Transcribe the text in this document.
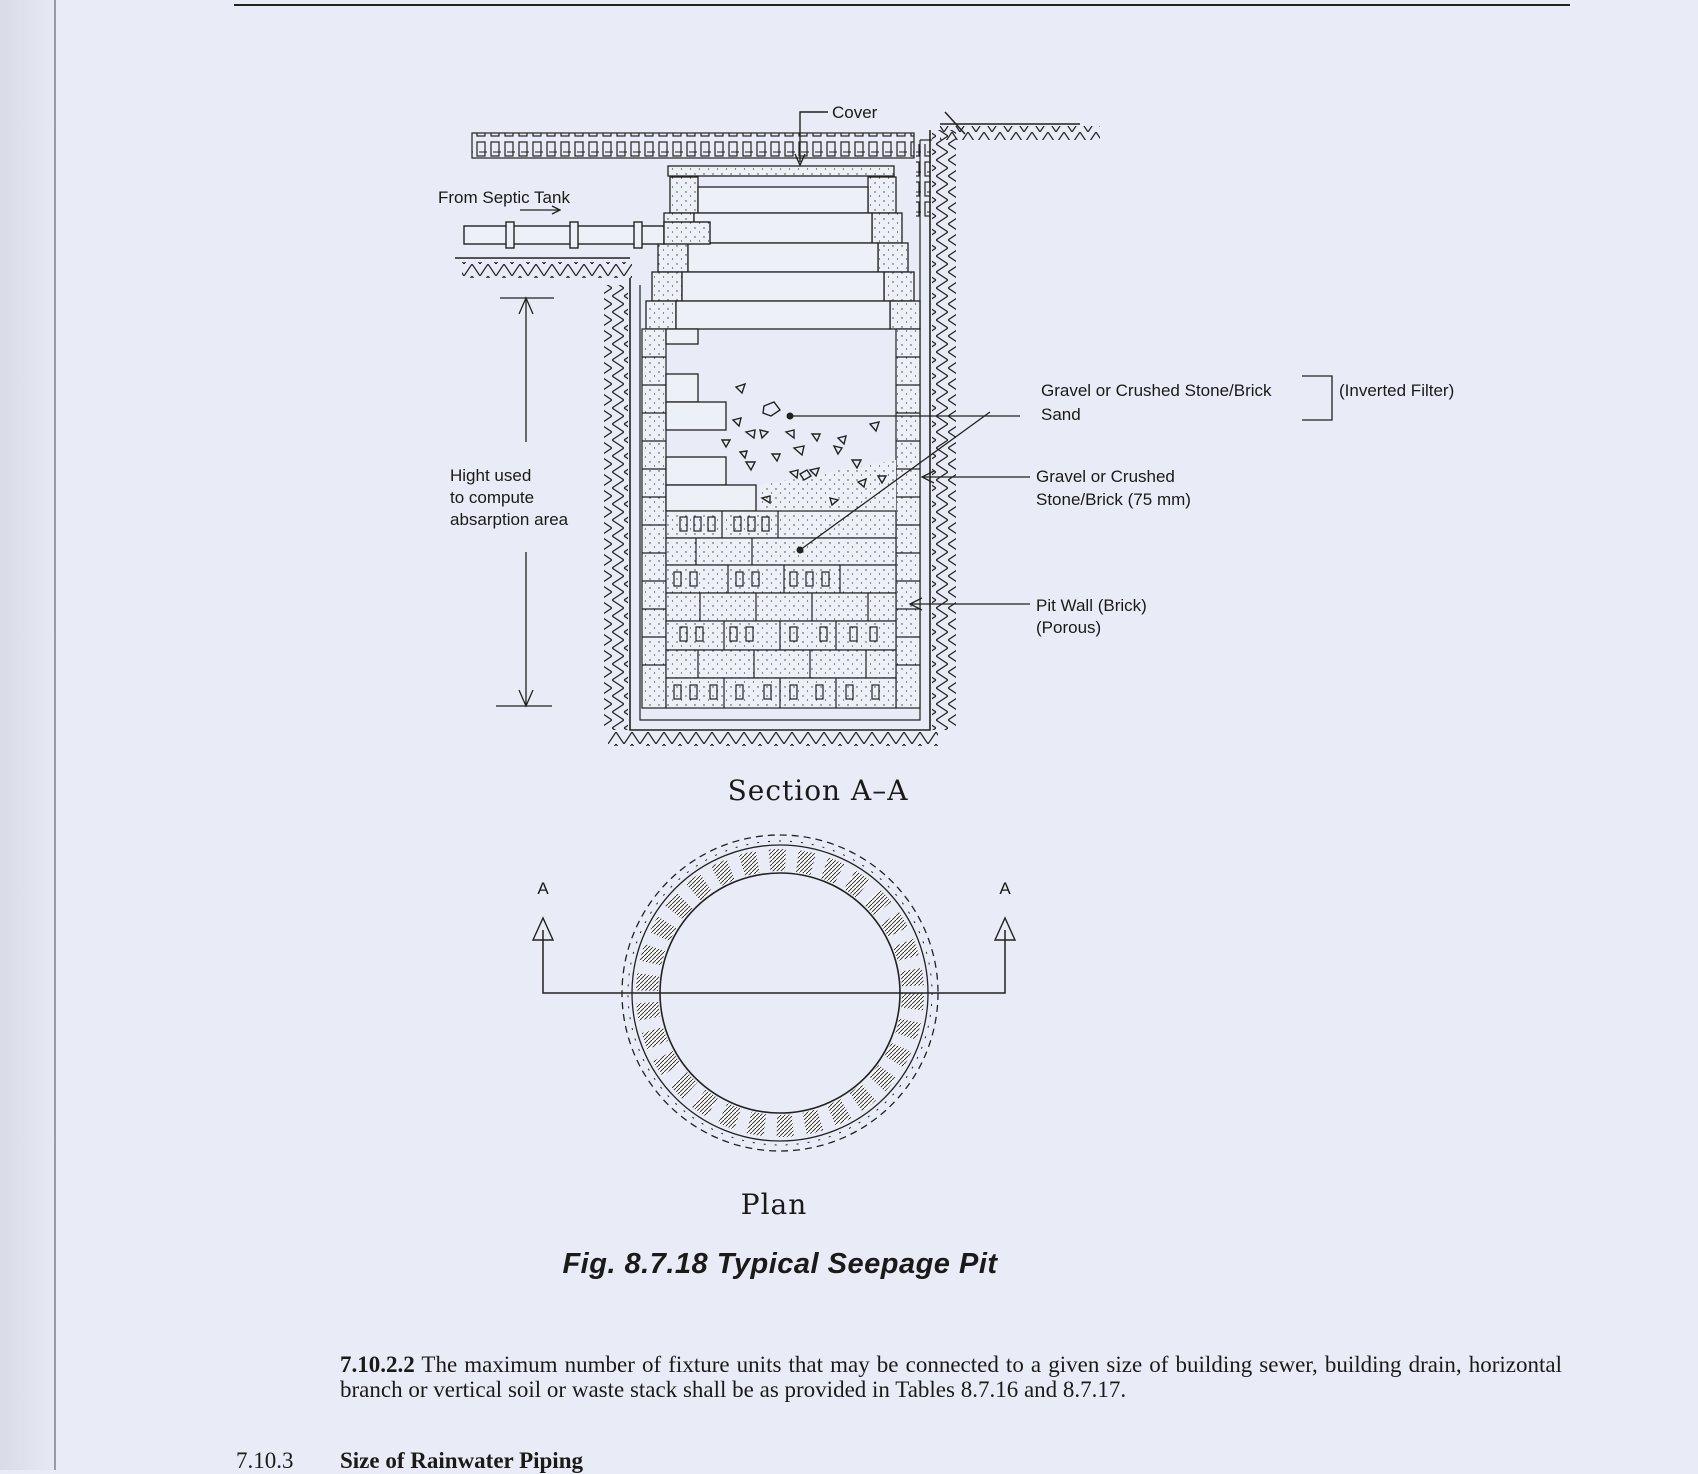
Cover
From Septic Tank
Gravel or Crushed Stone/Brick	(Inverted Filter)
Sand
Gravel or Crushed
Stone/Brick (75 mm)
Hight used
to compute
absarption area
Pit Wall (Brick)
(Porous)
Section A–A
A	A
Plan
Fig. 8.7.18 Typical Seepage Pit
7.10.2.2 The maximum number of fixture units that may be connected to a given size of building sewer, building drain, horizontal branch or vertical soil or waste stack shall be as provided in Tables 8.7.16 and 8.7.17.
7.10.3 Size of Rainwater Piping
